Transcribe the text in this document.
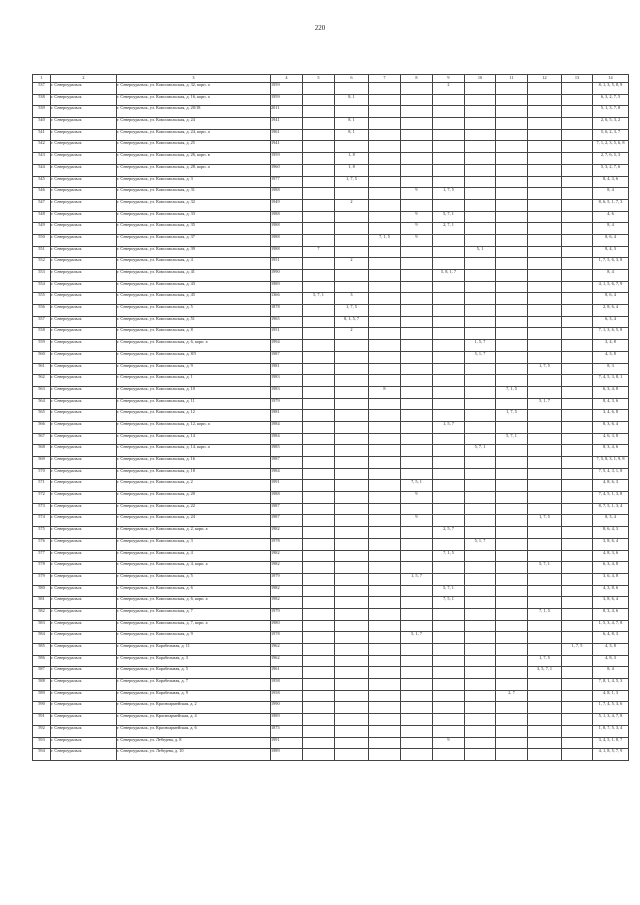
220
1	2	3	4	5	6	7	8	9	10	11	12	13	14
537	г. Североуральск	г. Североуральск, ул. Комсомольская, д. 32, корп. а	1959					2					8, 1, 3, 5, 8, 9
538	г. Североуральск	г. Североуральск, ул. Комсомольская, д. 16, корп. а	1959		8, 1								6, 3, 2, 7, 5
539	г. Североуральск	г. Североуральск, ул. Комсомольская, д. 20/18	2011										5, 1, 3, 7, 8
540	г. Североуральск	г. Североуральск, ул. Комсомольская, д. 24	1941		8, 1								2, 6, 5, 3, 2
541	г. Североуральск	г. Североуральск, ул. Комсомольская, д. 24, корп. а	1961		8, 1								5, 6, 2, 3, 7
542	г. Североуральск	г. Североуральск, ул. Комсомольская, д. 25	1941										7, 1, 2, 3, 5, 6, 8
543	г. Североуральск	г. Североуральск, ул. Комсомольская, д. 26, корп. в	1959		1, 8								2, 7, 6, 5, 3
544	г. Североуральск	г. Североуральск, ул. Комсомольская, д. 28, корп. а	1960		1, 8								5, 3, 2, 7, 6
545	г. Североуральск	г. Североуральск, ул. Комсомольская, д. 3	1977		1, 7, 5								8, 4, 3, 6
546	г. Североуральск	г. Североуральск, ул. Комсомольская, д. 31	1988				9	1, 7, 5					8, 4
547	г. Североуральск	г. Североуральск, ул. Комсомольская, д. 32	1949		2								8, 6, 5, 1, 7, 3
548	г. Североуральск	г. Североуральск, ул. Комсомольская, д. 33	1988				9	5, 7, 1					4, 6
549	г. Североуральск	г. Североуральск, ул. Комсомольская, д. 35	1988				9	2, 7, 1					8, 4
550	г. Североуральск	г. Североуральск, ул. Комсомольская, д. 37	1988			7, 1, 5	9						8, 6, 4
551	г. Североуральск	г. Североуральск, ул. Комсомольская, д. 39	1988	7					5, 1				8, 4, 3
552	г. Североуральск	г. Североуральск, ул. Комсомольская, д. 4	1951		2								1, 7, 5, 6, 3, 8
553	г. Североуральск	г. Североуральск, ул. Комсомольская, д. 41	1990					5, 8, 1, 7					8, 4
554	г. Североуральск	г. Североуральск, ул. Комсомольская, д. 43	1989										4, 1, 5, 6, 7, 9
555	г. Североуральск	г. Североуральск, ул. Комсомольская, д. 45	1366	5, 7, 1	3								8, 6, 4
556	г. Североуральск	г. Североуральск, ул. Комсомольская, д. 5	1878		1, 7, 5								2, 8, 6, 4
557	г. Североуральск	г. Североуральск, ул. Комсомольская, д. 51	1965		8, 1, 5, 7								6, 3, 4
558	г. Североуральск	г. Североуральск, ул. Комсомольская, д. 8	1951		2								7, 1, 3, 6, 5, 8
559	г. Североуральск	г. Североуральск, ул. Комсомольская, д. 6, корп. а	1994						1, 5, 7				3, 4, 8
560	г. Североуральск	г. Североуральск, ул. Комсомольская, д. 8/5	1987						5, 1, 7				4, 3, 8
561	г. Североуральск	г. Североуральск, ул. Комсомольская, д. 9	1981								1, 7, 5		8, 3
562	г. Североуральск	г. Североуральск, ул. Комсомольская, д. 1	1983										7, 4, 5, 3, 8, 1
563	г. Североуральск	г. Североуральск, ул. Комсомольская, д. 10	1983			8				7, 1, 5			6, 3, 4, 8
564	г. Североуральск	г. Североуральск, ул. Комсомольская, д. 11	1979								5, 1, 7		8, 4, 3, 6
565	г. Североуральск	г. Североуральск, ул. Комсомольская, д. 12	1981							1, 7, 5			3, 4, 6, 8
566	г. Североуральск	г. Североуральск, ул. Комсомольская, д. 12, корп. а	1984					1, 5, 7					8, 3, 6, 4
567	г. Североуральск	г. Североуральск, ул. Комсомольская, д. 14	1984							5, 7, 1			4, 6, 3, 8
568	г. Североуральск	г. Североуральск, ул. Комсомольская, д. 14, корп. а	1985						5, 7, 1				8, 3, 4, 6
569	г. Североуральск	г. Североуральск, ул. Комсомольская, д. 16	1987										7, 5, 8, 3, 1, 9, 8
570	г. Североуральск	г. Североуральск, ул. Комсомольская, д. 18	1984										7, 5, 4, 3, 1, 8
571	г. Североуральск	г. Североуральск, ул. Комсомольская, д. 2	1991				7, 5, 1						4, 8, 6, 3
572	г. Североуральск	г. Североуральск, ул. Комсомольская, д. 20	1988				9						7, 4, 5, 1, 3, 8
573	г. Североуральск	г. Североуральск, ул. Комсомольская, д. 22	1987										8, 7, 5, 1, 3, 4
574	г. Североуральск	г. Североуральск, ул. Комсомольская, д. 24	1987				9				1, 7, 5		8, 3, 4
575	г. Североуральск	г. Североуральск, ул. Комсомольская, д. 2, корп. а	1982					2, 5, 7					8, 6, 4, 3
576	г. Североуральск	г. Североуральск, ул. Комсомольская, д. 3	1978						5, 1, 7				3, 8, 6, 4
577	г. Североуральск	г. Североуральск, ул. Комсомольская, д. 4	1982					7, 1, 5					4, 8, 3, 6
578	г. Североуральск	г. Североуральск, ул. Комсомольская, д. 4, корп. а	1982								5, 7, 1		6, 3, 4, 8
579	г. Североуральск	г. Североуральск, ул. Комсомольская, д. 5	1979				1, 5, 7						3, 6, 4, 8
580	г. Североуральск	г. Североуральск, ул. Комсомольская, д. 6	1982					5, 7, 1					4, 3, 8, 6
581	г. Североуральск	г. Североуральск, ул. Комсомольская, д. 6, корп. а	1982					7, 5, 1					3, 8, 6, 4
582	г. Североуральск	г. Североуральск, ул. Комсомольская, д. 7	1979								7, 1, 5		8, 3, 4, 6
583	г. Североуральск	г. Североуральск, ул. Комсомольская, д. 7, корп. а	1980										1, 5, 3, 4, 7, 8
584	г. Североуральск	г. Североуральск, ул. Комсомольская, д. 9	1978				5, 1, 7						6, 4, 8, 3
585	г. Североуральск	г. Североуральск, ул. Корабельная, д. 11	1962									1, 7, 5	4, 3, 8
586	г. Североуральск	г. Североуральск, ул. Корабельная, д. 3	1962								1, 7, 5		4, 8, 3
587	г. Североуральск	г. Североуральск, ул. Корабельная, д. 5	1961								3, 5, 7, 1		8, 4
588	г. Североуральск	г. Североуральск, ул. Корабельная, д. 7	1958										7, 8, 1, 4, 5, 3
589	г. Североуральск	г. Североуральск, ул. Корабельная, д. 9	1958							2, 7			4, 8, 1, 3
590	г. Североуральск	г. Североуральск, ул. Красноармейская, д. 2	1990										1, 7, 4, 5, 3, 6
591	г. Североуральск	г. Североуральск, ул. Красноармейская, д. 4	1989										5, 1, 3, 4, 7, 8
592	г. Североуральск	г. Североуральск, ул. Красноармейская, д. 6	1875										1, 8, 7, 5, 3, 4
593	г. Североуральск	г. Североуральск, ул. Лебедева, д. 8	1991					9					3, 4, 5, 1, 8, 7
594	г. Североуральск	г. Североуральск, ул. Лебедева, д. 10	1989										4, 1, 8, 5, 7, 9
